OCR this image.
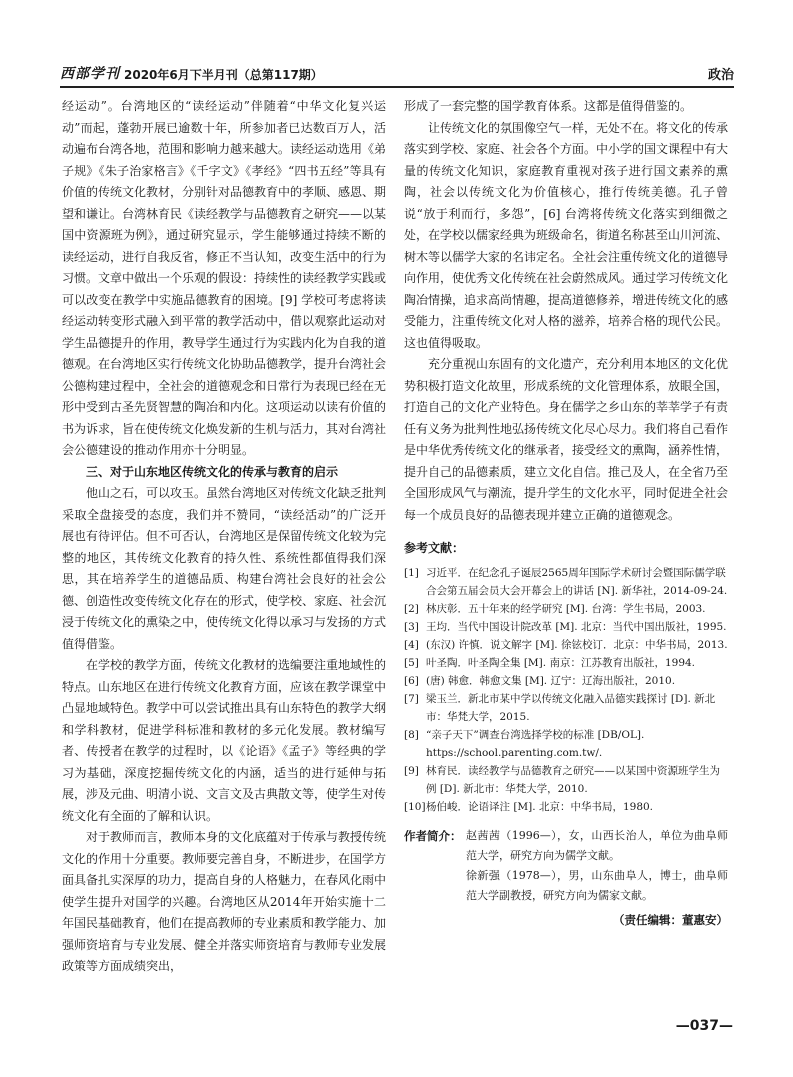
西部学刊 2020年6月下半月刊（总第117期）	政治

经运动”。台湾地区的“读经运动”伴随着“中华文化复兴运动”而起，蓬勃开展已逾数十年，所参加者已达数百万人，活动遍布台湾各地，范围和影响力越来越大。读经运动选用《弟子规》《朱子治家格言》《千字文》《孝经》“四书五经”等具有价值的传统文化教材，分别针对品德教育中的孝顺、感恩、期望和谦让。台湾林育民《读经教学与品德教育之研究——以某国中资源班为例》，通过研究显示，学生能够通过持续不断的读经运动，进行自我反省，修正不当认知，改变生活中的行为习惯。文章中做出一个乐观的假设：持续性的读经教学实践或可以改变在教学中实施品德教育的困境。[9] 学校可考虑将读经运动转变形式融入到平常的教学活动中，借以观察此运动对学生品德提升的作用，教导学生通过行为实践内化为自我的道德观。在台湾地区实行传统文化协助品德教学，提升台湾社会公德构建过程中，全社会的道德观念和日常行为表现已经在无形中受到古圣先贤智慧的陶冶和内化。这项运动以读有价值的书为诉求，旨在使传统文化焕发新的生机与活力，其对台湾社会公德建设的推动作用亦十分明显。

三、对于山东地区传统文化的传承与教育的启示

他山之石，可以攻玉。虽然台湾地区对传统文化缺乏批判采取全盘接受的态度，我们并不赞同，“读经活动”的广泛开展也有待评估。但不可否认，台湾地区是保留传统文化较为完整的地区，其传统文化教育的持久性、系统性都值得我们深思，其在培养学生的道德品质、构建台湾社会良好的社会公德、创造性改变传统文化存在的形式，使学校、家庭、社会沉浸于传统文化的熏染之中，使传统文化得以承习与发扬的方式值得借鉴。

在学校的教学方面，传统文化教材的选编要注重地域性的特点。山东地区在进行传统文化教育方面，应该在教学课堂中凸显地域特色。教学中可以尝试推出具有山东特色的教学大纲和学科教材，促进学科标准和教材的多元化发展。教材编写者、传授者在教学的过程时，以《论语》《孟子》等经典的学习为基础，深度挖掘传统文化的内涵，适当的进行延伸与拓展，涉及元曲、明清小说、文言文及古典散文等，使学生对传统文化有全面的了解和认识。

对于教师而言，教师本身的文化底蕴对于传承与教授传统文化的作用十分重要。教师要完善自身，不断进步，在国学方面具备扎实深厚的功力，提高自身的人格魅力，在春风化雨中使学生提升对国学的兴趣。台湾地区从2014年开始实施十二年国民基础教育，他们在提高教师的专业素质和教学能力、加强师资培育与专业发展、健全并落实师资培育与教师专业发展政策等方面成绩突出，

形成了一套完整的国学教育体系。这都是值得借鉴的。

让传统文化的氛围像空气一样，无处不在。将文化的传承落实到学校、家庭、社会各个方面。中小学的国文课程中有大量的传统文化知识，家庭教育重视对孩子进行国文素养的熏陶，社会以传统文化为价值核心，推行传统美德。孔子曾说“放于利而行，多怨”，[6] 台湾将传统文化落实到细微之处，在学校以儒家经典为班级命名，街道名称甚至山川河流、树木等以儒学大家的名讳定名。全社会注重传统文化的道德导向作用，使优秀文化传统在社会蔚然成风。通过学习传统文化陶冶情操，追求高尚情趣，提高道德修养，增进传统文化的感受能力，注重传统文化对人格的滋养，培养合格的现代公民。这也值得吸取。

充分重视山东固有的文化遗产，充分利用本地区的文化优势积极打造文化故里，形成系统的文化管理体系，放眼全国，打造自己的文化产业特色。身在儒学之乡山东的莘莘学子有责任有义务为批判性地弘扬传统文化尽心尽力。我们将自己看作是中华优秀传统文化的继承者，接受经文的熏陶，涵养性情，提升自己的品德素质，建立文化自信。推己及人，在全省乃至全国形成风气与潮流，提升学生的文化水平，同时促进全社会每一个成员良好的品德表现并建立正确的道德观念。

参考文献：
[1] 习近平．在纪念孔子诞辰2565周年国际学术研讨会暨国际儒学联合会第五届会员大会开幕会上的讲话 [N]. 新华社，2014-09-24.
[2] 林庆彰．五十年来的经学研究 [M]. 台湾：学生书局，2003.
[3] 王均．当代中国设计院改革 [M]. 北京：当代中国出版社，1995.
[4] (东汉) 许慎．说文解字 [M]. 徐铉校订．北京：中华书局，2013.
[5] 叶圣陶．叶圣陶全集 [M]. 南京：江苏教育出版社，1994.
[6] (唐) 韩愈．韩愈文集 [M]. 辽宁：辽海出版社，2010.
[7] 梁玉兰．新北市某中学以传统文化融入品德实践探讨 [D]. 新北市：华梵大学，2015.
[8] “亲子天下”调查台湾选择学校的标准 [DB/OL]. https://school.parenting.com.tw/.
[9] 林育民．读经教学与品德教育之研究——以某国中资源班学生为例 [D]. 新北市：华梵大学，2010.
[10] 杨伯峻．论语译注 [M]. 北京：中华书局，1980.
作者简介： 赵茜茜（1996—），女，山西长治人，单位为曲阜师范大学，研究方向为儒学文献。
徐新强（1978—），男，山东曲阜人，博士，曲阜师范大学副教授，研究方向为儒家文献。
（责任编辑：董惠安）
—037—
